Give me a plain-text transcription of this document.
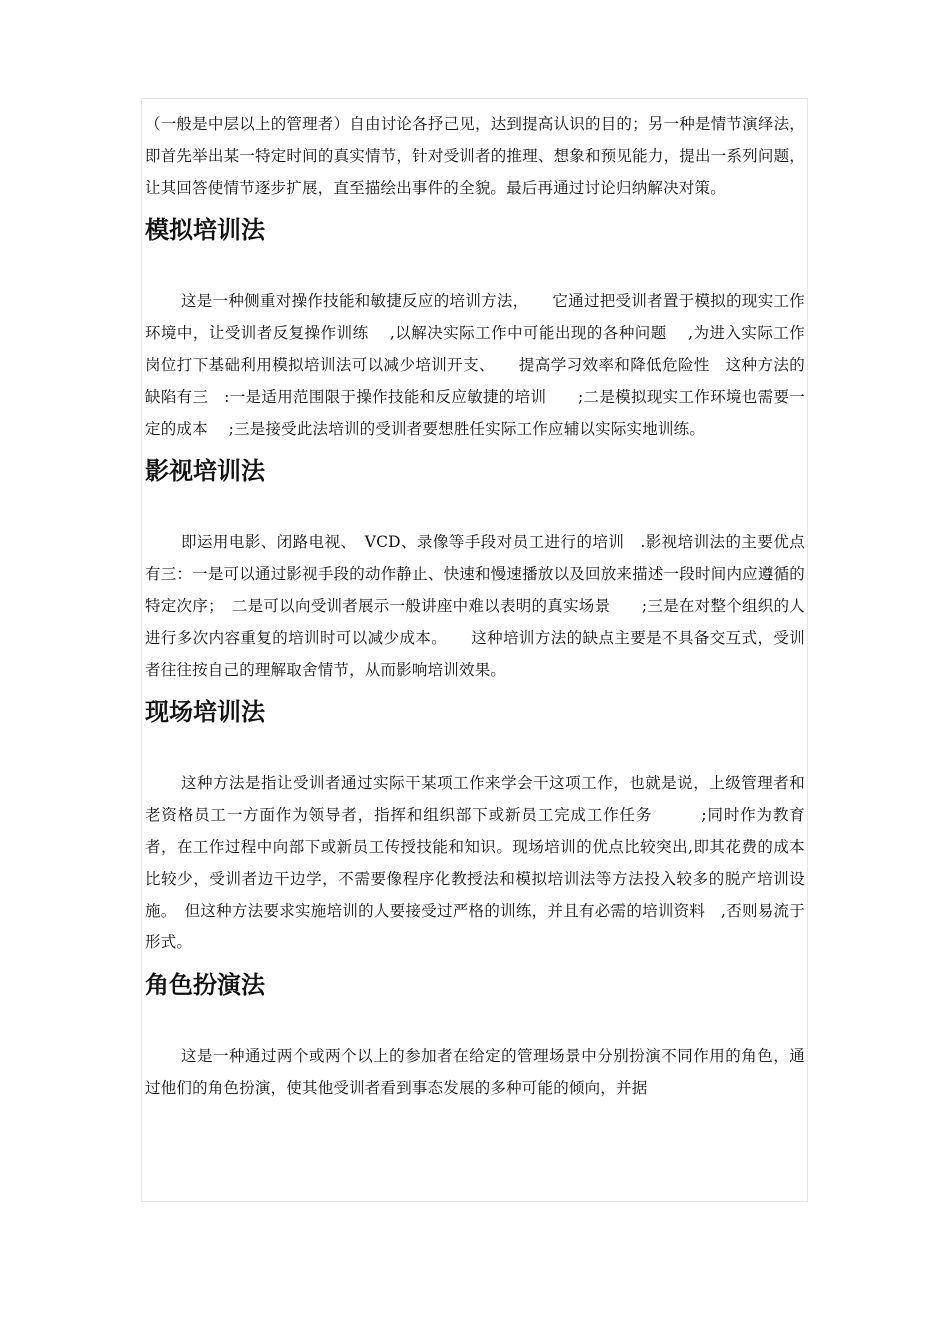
（一般是中层以上的管理者）自由讨论各抒己见，达到提高认识的目的；另一种是情节演绎法，即首先举出某一特定时间的真实情节，针对受训者的推理、想象和预见能力，提出一系列问题，让其回答使情节逐步扩展，直至描绘出事件的全貌。最后再通过讨论归纳解决对策。

模拟培训法

这是一种侧重对操作技能和敏捷反应的培训方法，　　它通过把受训者置于模拟的现实工作环境中，让受训者反复操作训练　 ,以解决实际工作中可能出现的各种问题　 ,为进入实际工作岗位打下基础利用模拟培训法可以减少培训开支、　　提高学习效率和降低危险性　这种方法的缺陷有三　:一是适用范围限于操作技能和反应敏捷的培训　　;二是模拟现实工作环境也需要一定的成本　 ;三是接受此法培训的受训者要想胜任实际工作应辅以实际实地训练。

影视培训法

即运用电影、闭路电视、　VCD、录像等手段对员工进行的培训　.影视培训法的主要优点有三：一是可以通过影视手段的动作静止、快速和慢速播放以及回放来描述一段时间内应遵循的特定次序；　二是可以向受训者展示一般讲座中难以表明的真实场景　　;三是在对整个组织的人进行多次内容重复的培训时可以减少成本。　　这种培训方法的缺点主要是不具备交互式，受训者往往按自己的理解取舍情节，从而影响培训效果。

现场培训法

这种方法是指让受训者通过实际干某项工作来学会干这项工作，也就是说，上级管理者和老资格员工一方面作为领导者，指挥和组织部下或新员工完成工作任务　　　;同时作为教育者，在工作过程中向部下或新员工传授技能和知识。现场培训的优点比较突出,即其花费的成本比较少，受训者边干边学，不需要像程序化教授法和模拟培训法等方法投入较多的脱产培训设施。　但这种方法要求实施培训的人要接受过严格的训练，并且有必需的培训资料　,否则易流于形式。

角色扮演法

这是一种通过两个或两个以上的参加者在给定的管理场景中分别扮演不同作用的角色，通过他们的角色扮演，使其他受训者看到事态发展的多种可能的倾向，并据
